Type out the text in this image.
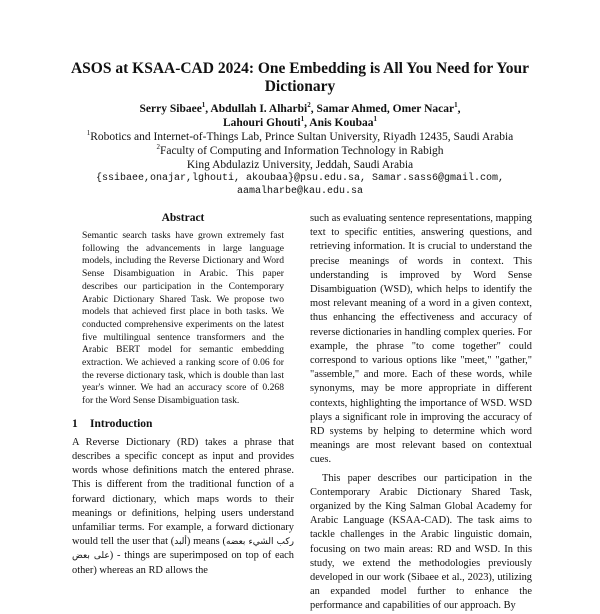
ASOS at KSAA-CAD 2024: One Embedding is All You Need for Your Dictionary
Serry Sibaee$^1$, Abdullah I. Alharbi$^2$, Samar Ahmed, Omer Nacar$^1$,
Lahouri Ghouti$^1$, Anis Koubaa$^1$
$^1$Robotics and Internet-of-Things Lab, Prince Sultan University, Riyadh 12435, Saudi Arabia
$^2$Faculty of Computing and Information Technology in Rabigh
King Abdulaziz University, Jeddah, Saudi Arabia
{ssibaee,onajar,lghouti, akoubaa}@psu.edu.sa, Samar.sass6@gmail.com,
aamalharbe@kau.edu.sa
Abstract
Semantic search tasks have grown extremely fast following the advancements in large language models, including the Reverse Dictionary and Word Sense Disambiguation in Arabic. This paper describes our participation in the Contemporary Arabic Dictionary Shared Task. We propose two models that achieved first place in both tasks. We conducted comprehensive experiments on the latest five multilingual sentence transformers and the Arabic BERT model for semantic embedding extraction. We achieved a ranking score of 0.06 for the reverse dictionary task, which is double than last year's winner. We had an accuracy score of 0.268 for the Word Sense Disambiguation task.
1 Introduction
A Reverse Dictionary (RD) takes a phrase that describes a specific concept as input and provides words whose definitions match the entered phrase. This is different from the traditional function of a forward dictionary, which maps words to their meanings or definitions, helping users understand unfamiliar terms. For example, a forward dictionary would tell the user that (ألبد) means (ركب الشيء بعضه على بعض) - things are superimposed on top of each other) whereas an RD allows the

such as evaluating sentence representations, mapping text to specific entities, answering questions, and retrieving information. It is crucial to understand the precise meanings of words in context. This understanding is improved by Word Sense Disambiguation (WSD), which helps to identify the most relevant meaning of a word in a given context, thus enhancing the effectiveness and accuracy of reverse dictionaries in handling complex queries. For example, the phrase "to come together" could correspond to various options like "meet," "gather," "assemble," and more. Each of these words, while synonyms, may be more appropriate in different contexts, highlighting the importance of WSD. WSD plays a significant role in improving the accuracy of RD systems by helping to determine which word meanings are most relevant based on contextual cues.

This paper describes our participation in the Contemporary Arabic Dictionary Shared Task, organized by the King Salman Global Academy for Arabic Language (KSAA-CAD). The task aims to tackle challenges in the Arabic linguistic domain, focusing on two main areas: RD and WSD. In this study, we extend the methodologies previously developed in our work (Sibaee et al., 2023), utilizing an expanded model further to enhance the performance and capabilities of our approach. By
